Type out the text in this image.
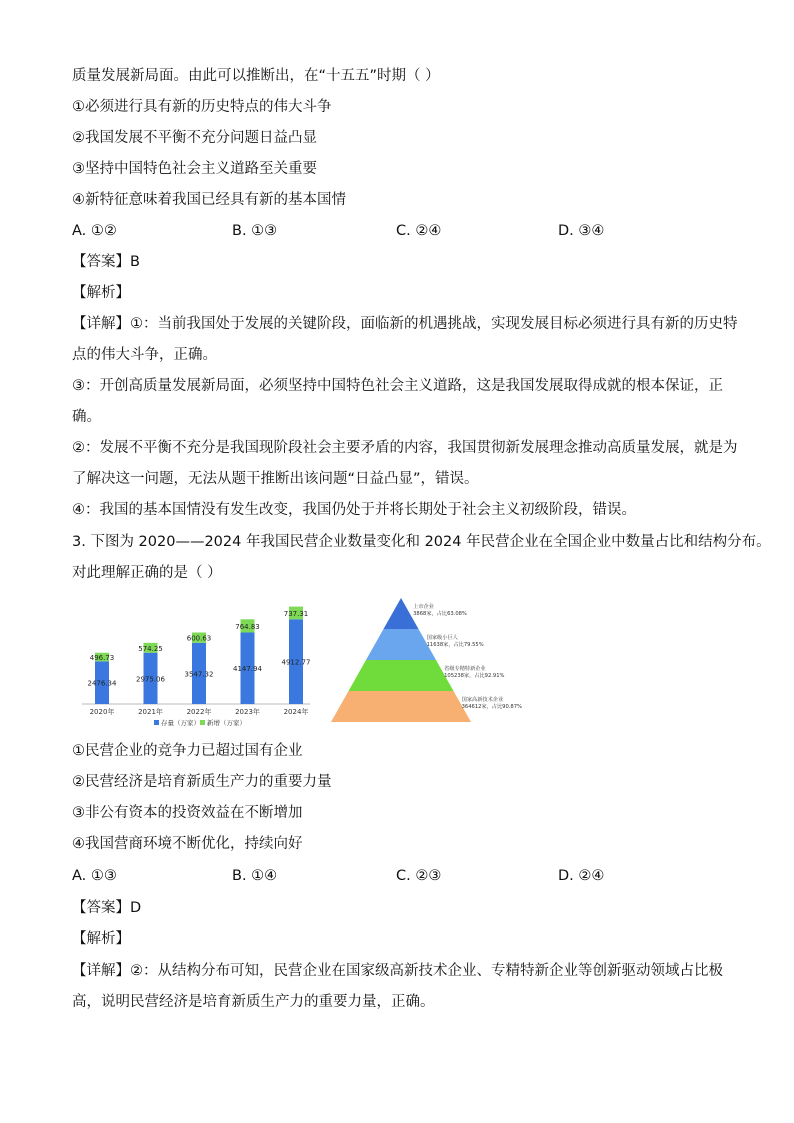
质量发展新局面。由此可以推断出，在“十五五”时期（ ）
①必须进行具有新的历史特点的伟大斗争
②我国发展不平衡不充分问题日益凸显
③坚持中国特色社会主义道路至关重要
④新特征意味着我国已经具有新的基本国情
A. ①②	B. ①③	C. ②④	D. ③④
【答案】B
【解析】
【详解】①：当前我国处于发展的关键阶段，面临新的机遇挑战，实现发展目标必须进行具有新的历史特
点的伟大斗争，正确。
③：开创高质量发展新局面，必须坚持中国特色社会主义道路，这是我国发展取得成就的根本保证，正
确。
②：发展不平衡不充分是我国现阶段社会主要矛盾的内容，我国贯彻新发展理念推动高质量发展，就是为
了解决这一问题，无法从题干推断出该问题“日益凸显”，错误。
④：我国的基本国情没有发生改变，我国仍处于并将长期处于社会主义初级阶段，错误。
3. 下图为 2020——2024 年我国民营企业数量变化和 2024 年民营企业在全国企业中数量占比和结构分布。
对此理解正确的是（ ）
2476.34
496.73
2020年
2975.06
574.25
2021年
3547.32
600.63
2022年
4147.94
764.83
2023年
4912.77
737.31
2024年
存量（万家） 新增（万家）
上市企业
3868家，占比63.08%
国家级小巨人
11638家，占比79.55%
省级专精特新企业
105238家，占比92.91%
国家高新技术企业
364612家，占比90.87%
①民营企业的竞争力已超过国有企业
②民营经济是培育新质生产力的重要力量
③非公有资本的投资效益在不断增加
④我国营商环境不断优化，持续向好
A. ①③	B. ①④	C. ②③	D. ②④
【答案】D
【解析】
【详解】②：从结构分布可知，民营企业在国家级高新技术企业、专精特新企业等创新驱动领域占比极
高，说明民营经济是培育新质生产力的重要力量，正确。
